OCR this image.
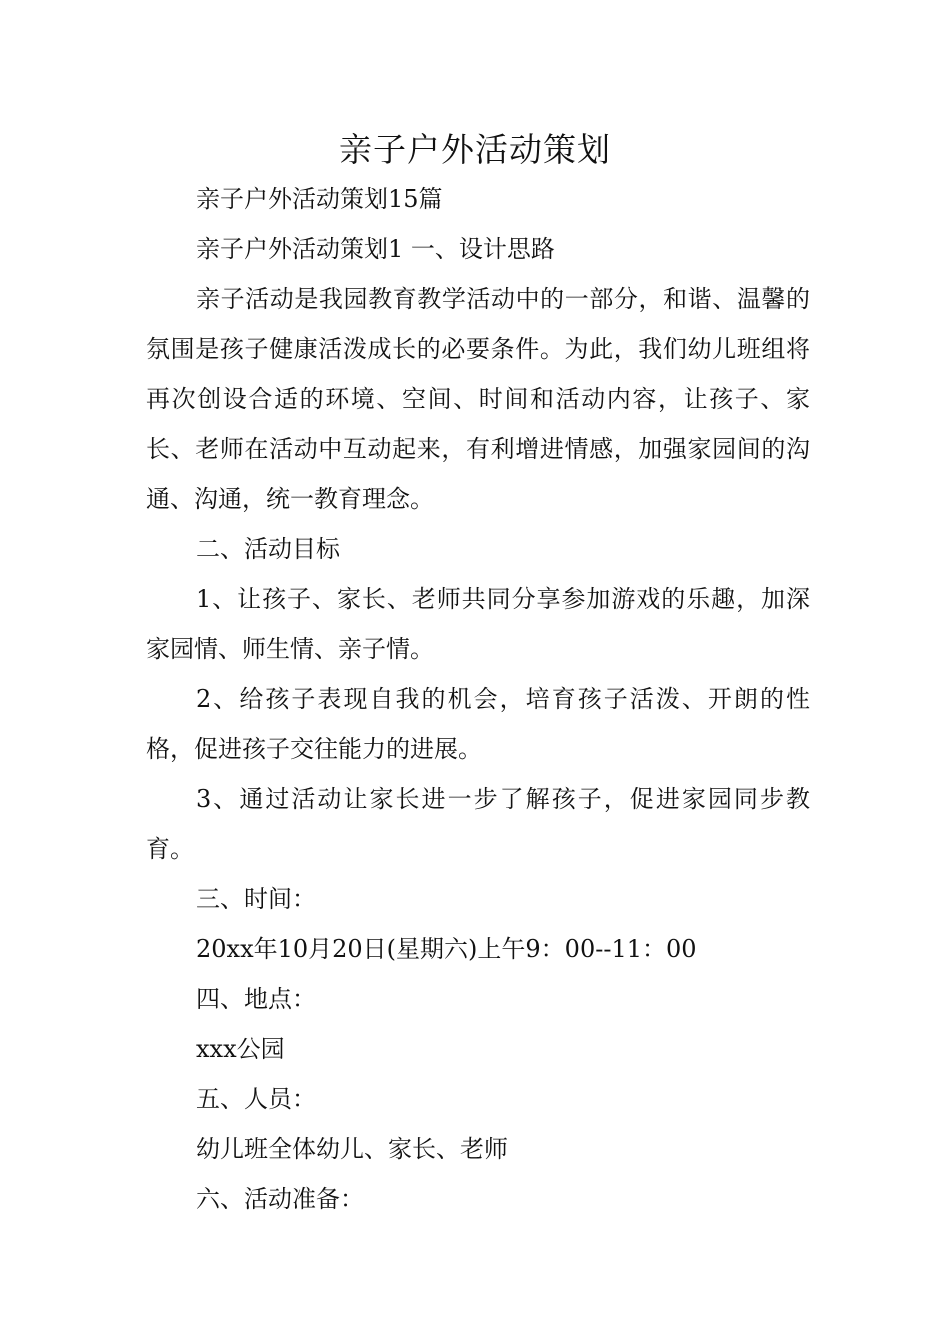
亲子户外活动策划

亲子户外活动策划15篇

亲子户外活动策划1 一、设计思路

亲子活动是我园教育教学活动中的一部分，和谐、温馨的氛围是孩子健康活泼成长的必要条件。为此，我们幼儿班组将再次创设合适的环境、空间、时间和活动内容，让孩子、家长、老师在活动中互动起来，有利增进情感，加强家园间的沟通、沟通，统一教育理念。

二、活动目标

1、让孩子、家长、老师共同分享参加游戏的乐趣，加深家园情、师生情、亲子情。

2、给孩子表现自我的机会，培育孩子活泼、开朗的性格，促进孩子交往能力的进展。

3、通过活动让家长进一步了解孩子，促进家园同步教育。

三、时间：

20xx年10月20日(星期六)上午9：00--11：00

四、地点：

xxx公园

五、人员：

幼儿班全体幼儿、家长、老师

六、活动准备：
